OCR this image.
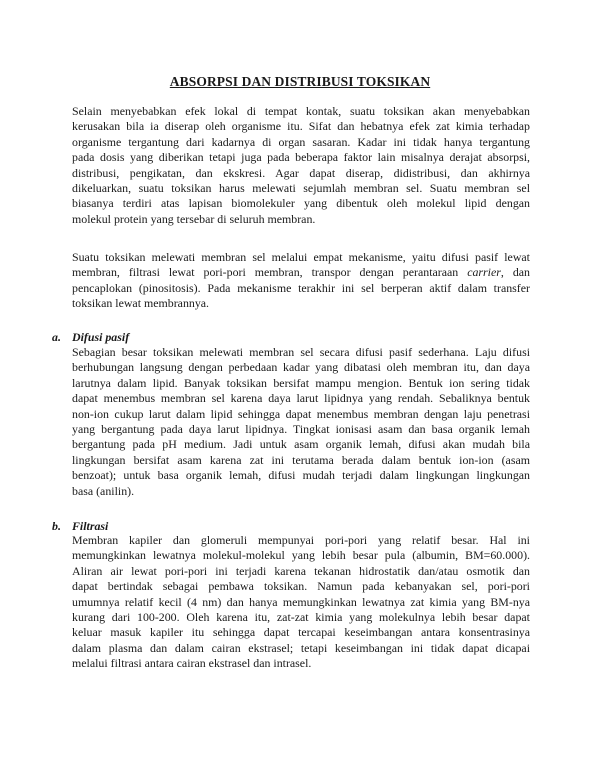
ABSORPSI DAN DISTRIBUSI TOKSIKAN

Selain menyebabkan efek lokal di tempat kontak, suatu toksikan akan menyebabkan
kerusakan bila ia diserap oleh organisme itu. Sifat dan hebatnya efek zat kimia terhadap
organisme tergantung dari kadarnya di organ sasaran. Kadar ini tidak hanya tergantung
pada dosis yang diberikan tetapi juga pada beberapa faktor lain misalnya derajat absorpsi,
distribusi, pengikatan, dan ekskresi. Agar dapat diserap, didistribusi, dan akhirnya
dikeluarkan, suatu toksikan harus melewati sejumlah membran sel. Suatu membran sel
biasanya terdiri atas lapisan biomolekuler yang dibentuk oleh molekul lipid dengan
molekul protein yang tersebar di seluruh membran.

Suatu toksikan melewati membran sel melalui empat mekanisme, yaitu difusi pasif lewat
membran, filtrasi lewat pori-pori membran, transpor dengan perantaraan carrier, dan
pencaplokan (pinositosis). Pada mekanisme terakhir ini sel berperan aktif dalam transfer
toksikan lewat membrannya.

a. Difusi pasif

Sebagian besar toksikan melewati membran sel secara difusi pasif sederhana. Laju difusi
berhubungan langsung dengan perbedaan kadar yang dibatasi oleh membran itu, dan daya
larutnya dalam lipid. Banyak toksikan bersifat mampu mengion. Bentuk ion sering tidak
dapat menembus membran sel karena daya larut lipidnya yang rendah. Sebaliknya bentuk
non-ion cukup larut dalam lipid sehingga dapat menembus membran dengan laju penetrasi
yang bergantung pada daya larut lipidnya. Tingkat ionisasi asam dan basa organik lemah
bergantung pada pH medium. Jadi untuk asam organik lemah, difusi akan mudah bila
lingkungan bersifat asam karena zat ini terutama berada dalam bentuk ion-ion (asam
benzoat); untuk basa organik lemah, difusi mudah terjadi dalam lingkungan lingkungan
basa (anilin).

b. Filtrasi

Membran kapiler dan glomeruli mempunyai pori-pori yang relatif besar. Hal ini
memungkinkan lewatnya molekul-molekul yang lebih besar pula (albumin, BM=60.000).
Aliran air lewat pori-pori ini terjadi karena tekanan hidrostatik dan/atau osmotik dan
dapat bertindak sebagai pembawa toksikan. Namun pada kebanyakan sel, pori-pori
umumnya relatif kecil (4 nm) dan hanya memungkinkan lewatnya zat kimia yang BM-nya
kurang dari 100-200. Oleh karena itu, zat-zat kimia yang molekulnya lebih besar dapat
keluar masuk kapiler itu sehingga dapat tercapai keseimbangan antara konsentrasinya
dalam plasma dan dalam cairan ekstrasel; tetapi keseimbangan ini tidak dapat dicapai
melalui filtrasi antara cairan ekstrasel dan intrasel.
